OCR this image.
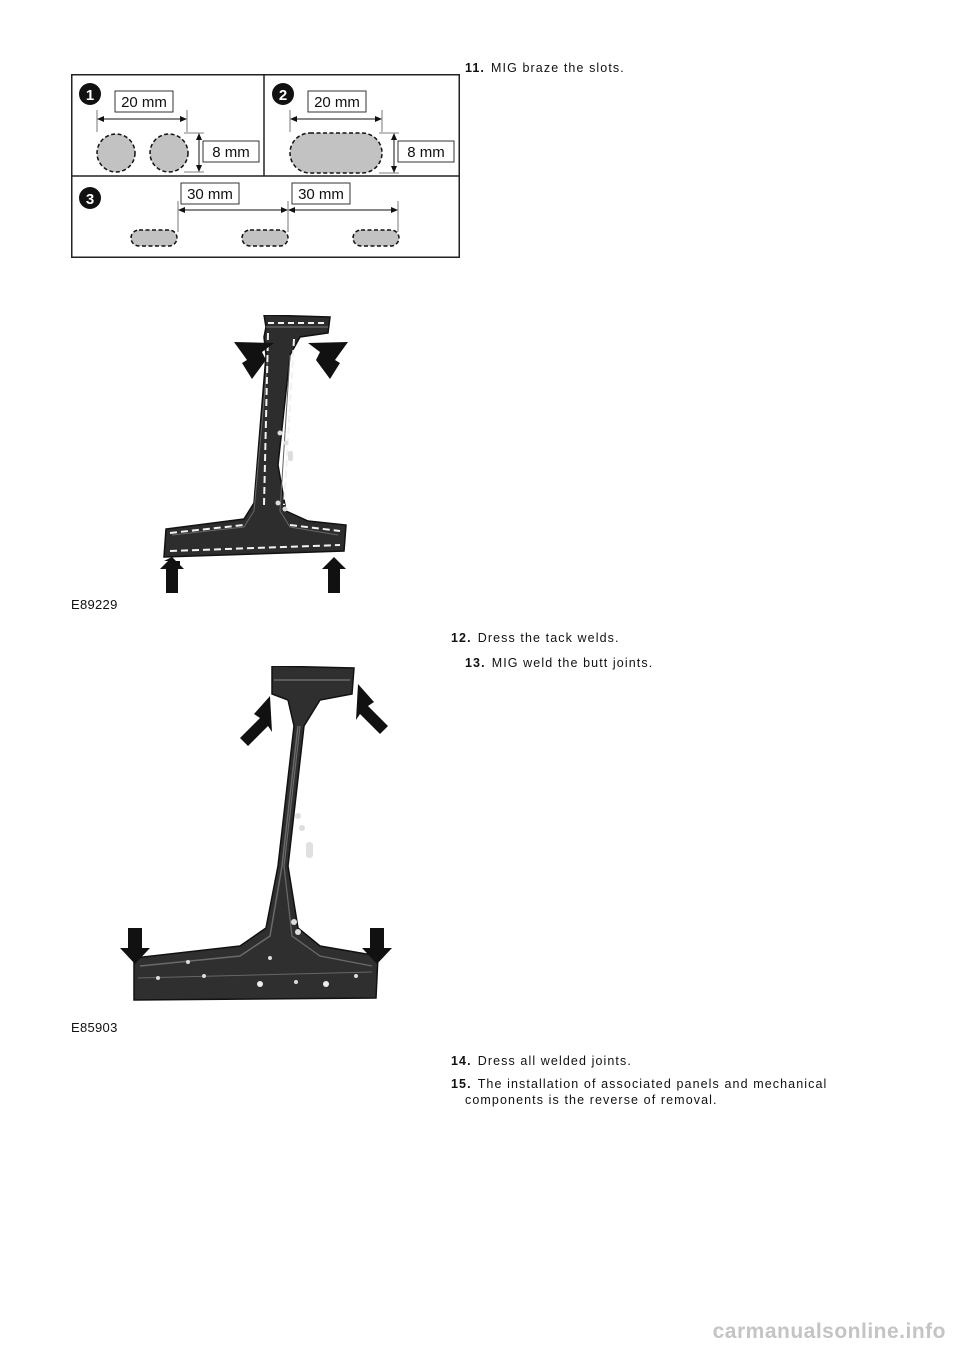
11. MIG braze the slots.

1 20 mm
8 mm
2 20 mm
8 mm
3	30 mm	30 mm
E89229

12. Dress the tack welds.

13. MIG weld the butt joints.

E85903

14. Dress all welded joints.

15. The installation of associated panels and mechanical
components is the reverse of removal.

carmanualsonline.info
